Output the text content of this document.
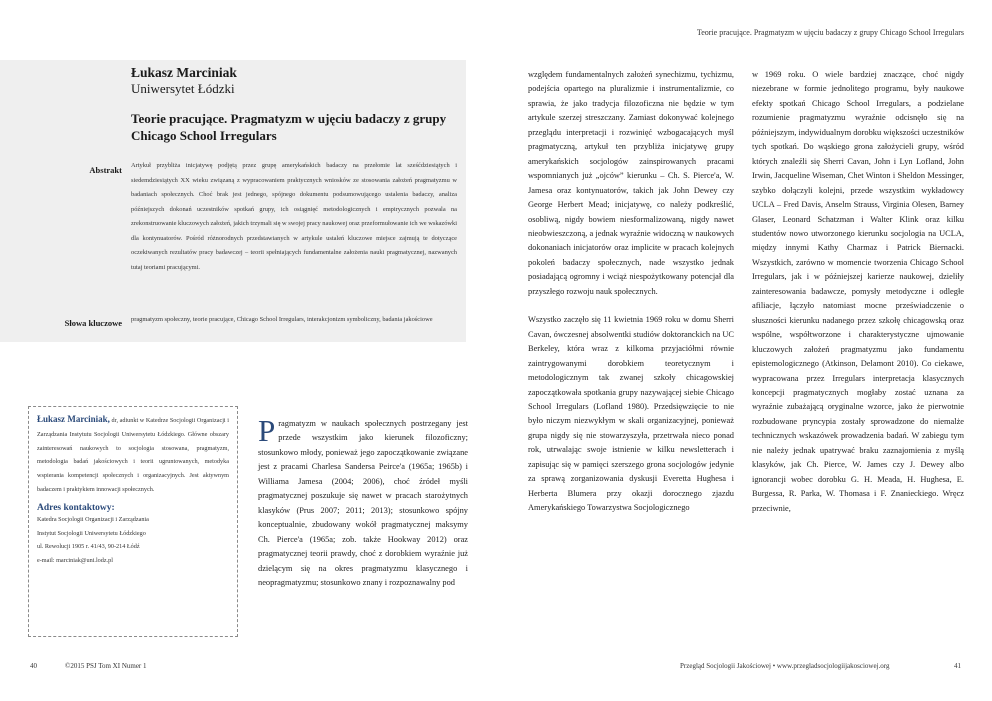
Łukasz Marciniak
Uniwersytet Łódzki
Teorie pracujące. Pragmatyzm w ujęciu badaczy z grupy Chicago School Irregulars
Abstrakt Artykuł przybliża inicjatywę podjętą przez grupę amerykańskich badaczy na przełomie lat sześćdziesiątych i siedemdziesiątych XX wieku związaną z wypracowaniem praktycznych wniosków ze stosowania założeń pragmatyzmu w badaniach społecznych. Choć brak jest jednego, spójnego dokumentu podsumowującego ustalenia badaczy, analiza późniejszych dokonań uczestników spotkań grupy, ich osiągnięć metodologicznych i empirycznych pozwala na zrekonstruowanie kluczowych założeń, jakich trzymali się w swojej pracy naukowej oraz przeformułowanie ich we wskazówki dla kontynuatorów. Pośród różnorodnych przedstawianych w artykule ustaleń kluczowe miejsce zajmują te dotyczące oczekiwanych rezultatów pracy badawczej – teorii spełniających fundamentalne założenia nauki pragmatycznej, nazwanych tutaj teoriami pracującymi.
Słowa kluczowe pragmatyzm społeczny, teorie pracujące, Chicago School Irregulars, interakcjonizm symboliczny, badania jakościowe
Łukasz Marciniak, dr, adiunkt w Katedrze Socjologii Organizacji i Zarządzania Instytutu Socjologii Uniwersytetu Łódzkiego. Główne obszary zainteresowań naukowych to socjologia stosowana, pragmatyzm, metodologia badań jakościowych i teorii ugruntowanych, metodyka wspierania kompetencji społecznych i organizacyjnych. Jest aktywnym badaczem i praktykiem innowacji społecznych.
Adres kontaktowy:
Katedra Socjologii Organizacji i Zarządzania
Instytut Socjologii Uniwersytetu Łódzkiego
ul. Rewolucji 1905 r. 41/43, 90-214 Łódź
e-mail: marciniak@uni.lodz.pl
Pragmatyzm w naukach społecznych postrzegany jest przede wszystkim jako kierunek filozoficzny; stosunkowo młody, ponieważ jego zapoczątkowanie związane jest z pracami Charlesa Sandersa Peirce'a (1965a; 1965b) i Williama Jamesa (2004; 2006), choć źródeł myśli pragmatycznej poszukuje się nawet w pracach starożytnych klasyków (Prus 2007; 2011; 2013); stosunkowo spójny konceptualnie, zbudowany wokół pragmatycznej maksymy Ch. Pierce'a (1965a; zob. także Hookway 2012) oraz pragmatycznej teorii prawdy, choć z dorobkiem wyraźnie już dzielącym się na okres pragmatyzmu klasycznego i neopragmatyzmu; stosunkowo znany i rozpoznawalny pod
40	©2015 PSJ Tom XI Numer 1
Teorie pracujące. Pragmatyzm w ujęciu badaczy z grupy Chicago School Irregulars
względem fundamentalnych założeń synechizmu, tychizmu, podejścia opartego na pluralizmie i instrumentalizmie, co sprawia, że jako tradycja filozoficzna nie będzie w tym artykule szerzej streszczany. Zamiast dokonywać kolejnego przeglądu interpretacji i rozwinięć wzbogacających myśl pragmatyczną, artykuł ten przybliża inicjatywę grupy amerykańskich socjologów zainspirowanych pracami wspomnianych już „ojców” kierunku – Ch. S. Pierce'a, W. Jamesa oraz kontynuatorów, takich jak John Dewey czy George Herbert Mead; inicjatywę, co należy podkreślić, osobliwą, nigdy bowiem niesformalizowaną, nigdy nawet nieobwieszczoną, a jednak wyraźnie widoczną w naukowych dokonaniach inicjatorów oraz implicite w pracach kolejnych pokoleń badaczy społecznych, nade wszystko jednak posiadającą ogromny i wciąż niespożytkowany potencjał dla przyszłego rozwoju nauk społecznych.
Wszystko zaczęło się 11 kwietnia 1969 roku w domu Sherri Cavan, ówczesnej absolwentki studiów doktoranckich na UC Berkeley, która wraz z kilkoma przyjaciółmi równie zaintrygowanymi dorobkiem teoretycznym i metodologicznym tak zwanej szkoły chicagowskiej zapoczątkowała spotkania grupy nazywającej siebie Chicago School Irregulars (Lofland 1980). Przedsięwzięcie to nie było niczym niezwykłym w skali organizacyjnej, ponieważ grupa nigdy się nie stowarzyszyła, przetrwała nieco ponad rok, utrwalając swoje istnienie w kilku newsletterach i zapisując się w pamięci szerszego grona socjologów jedynie za sprawą zorganizowania dyskusji Everetta Hughesa i Herberta Blumera przy okazji dorocznego zjazdu Amerykańskiego Towarzystwa Socjologicznego
w 1969 roku. O wiele bardziej znaczące, choć nigdy niezebrane w formie jednolitego programu, były naukowe efekty spotkań Chicago School Irregulars, a podzielane rozumienie pragmatyzmu wyraźnie odcisnęło się na późniejszym, indywidualnym dorobku większości uczestników tych spotkań. Do wąskiego grona założycieli grupy, wśród których znaleźli się Sherri Cavan, John i Lyn Lofland, John Irwin, Jacqueline Wiseman, Chet Winton i Sheldon Messinger, szybko dołączyli kolejni, przede wszystkim wykładowcy UCLA – Fred Davis, Anselm Strauss, Virginia Olesen, Barney Glaser, Leonard Schatzman i Walter Klink oraz kilku studentów nowo utworzonego kierunku socjologia na UCLA, między innymi Kathy Charmaz i Patrick Biernacki. Wszystkich, zarówno w momencie tworzenia Chicago School Irregulars, jak i w późniejszej karierze naukowej, dzieliły zainteresowania badawcze, pomysły metodyczne i odległe afiliacje, łączyło natomiast mocne przeświadczenie o słuszności kierunku nadanego przez szkołę chicagowską oraz wspólne, współtworzone i charakterystyczne ujmowanie kluczowych założeń pragmatyzmu jako fundamentu epistemologicznego (Atkinson, Delamont 2010). Co ciekawe, wypracowana przez Irregulars interpretacja klasycznych koncepcji pragmatycznych mogłaby zostać uznana za wyraźnie zubażającą oryginalne wzorce, jako że pierwotnie rozbudowane pryncypia zostały sprowadzone do niemalże technicznych wskazówek prowadzenia badań. W zabiegu tym nie należy jednak upatrywać braku zaznajomienia z myślą klasyków, jak Ch. Pierce, W. James czy J. Dewey albo ignorancji wobec dorobku G. H. Meada, H. Hughesa, E. Burgessa, R. Parka, W. Thomasa i F. Znanieckiego. Wręcz przeciwnie,
Przegląd Socjologii Jakościowej • www.przegladsocjologiijakosciowej.org	41
